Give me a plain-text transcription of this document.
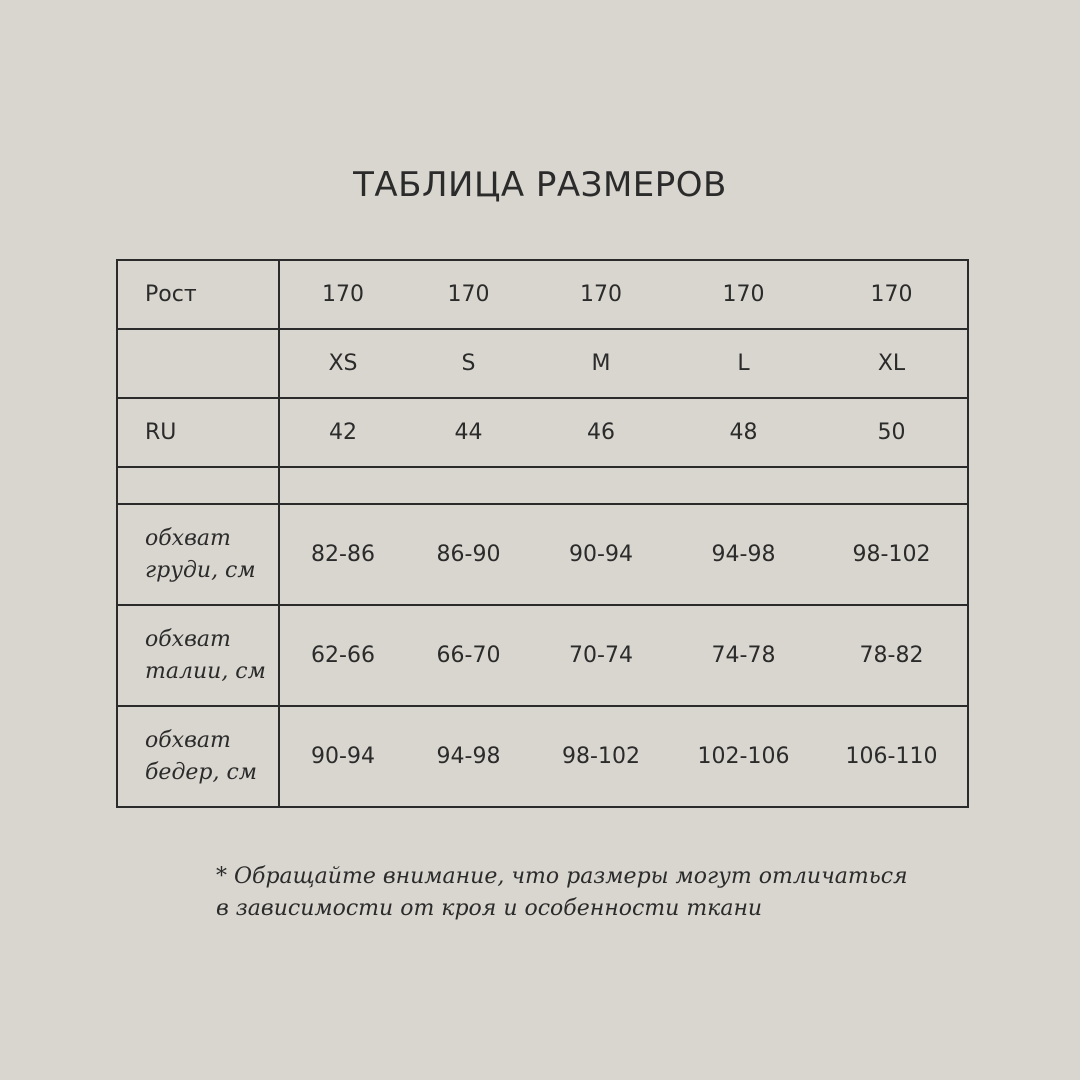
ТАБЛИЦА РАЗМЕРОВ
Рост	170	170	170	170	170
	XS	S	M	L	XL
RU	42	44	46	48	50

обхват
груди, см	82-86	86-90	90-94	94-98	98-102

обхват
талии, см	62-66	66-70	70-74	74-78	78-82

обхват
бедер, см	90-94	94-98	98-102	102-106	106-110
* Обращайте внимание, что размеры могут отличаться
в зависимости от кроя и особенности ткани
